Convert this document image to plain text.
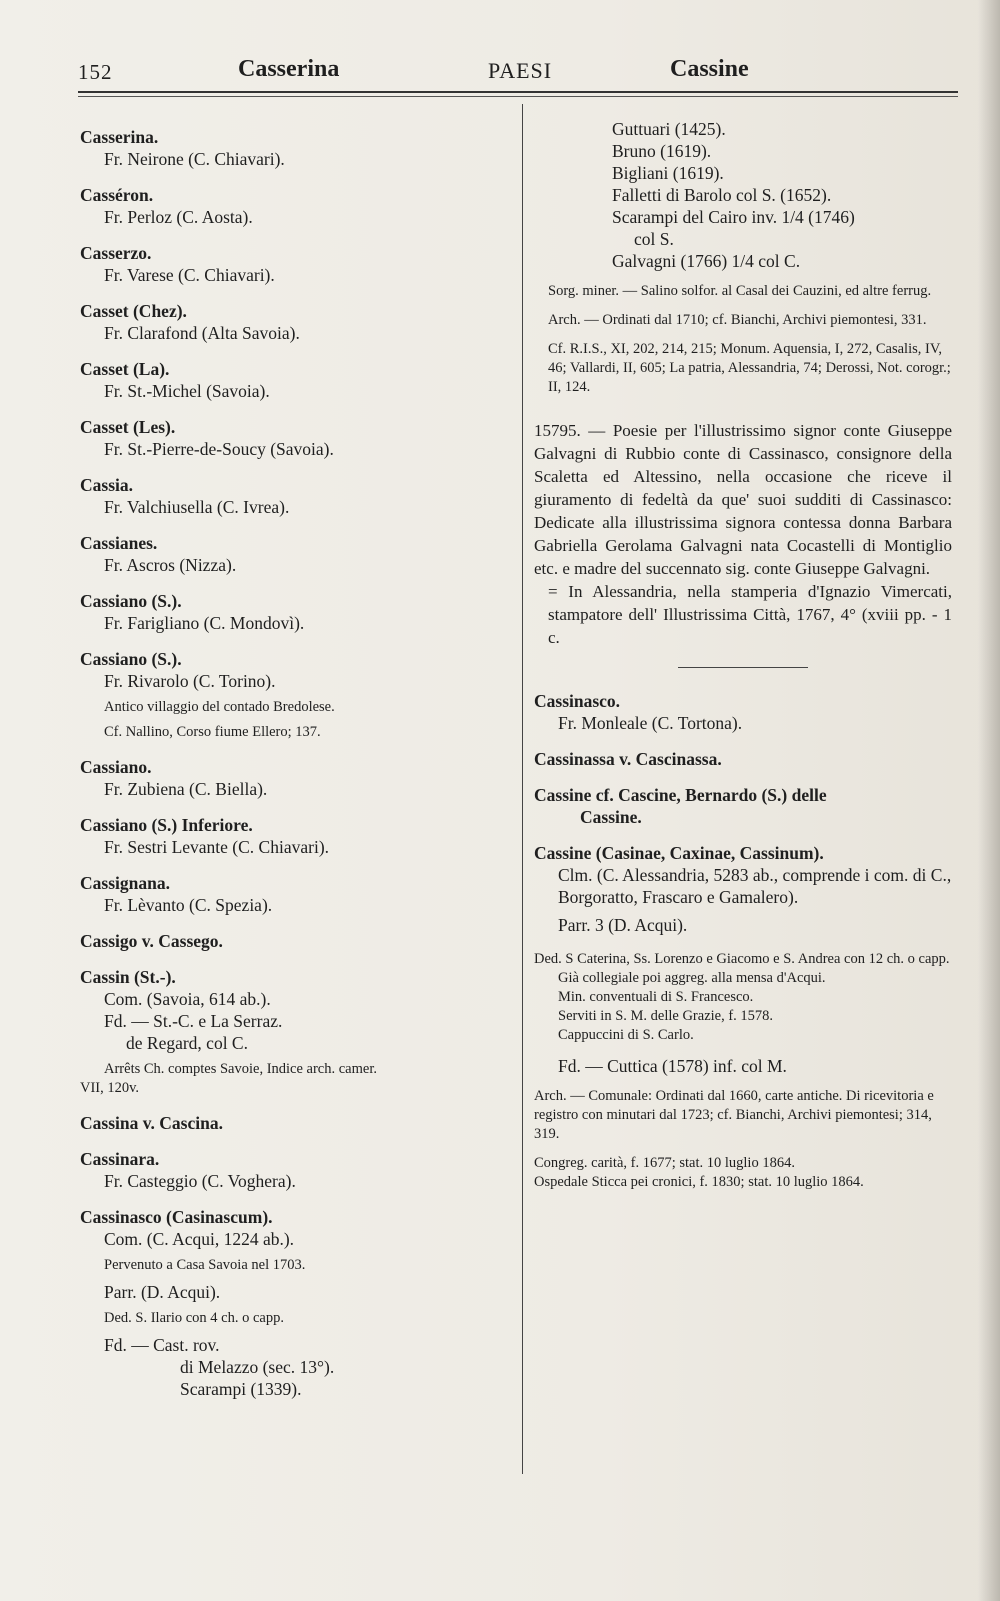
152	Casserina	PAESI	Cassine
Casserina.
Fr. Neirone (C. Chiavari).
Casséron.
Fr. Perloz (C. Aosta).
Casserzo.
Fr. Varese (C. Chiavari).
Casset (Chez).
Fr. Clarafond (Alta Savoia).
Casset (La).
Fr. St.-Michel (Savoia).
Casset (Les).
Fr. St.-Pierre-de-Soucy (Savoia).
Cassia.
Fr. Valchiusella (C. Ivrea).
Cassianes.
Fr. Ascros (Nizza).
Cassiano (S.).
Fr. Farigliano (C. Mondovì).
Cassiano (S.).
Fr. Rivarolo (C. Torino).
Antico villaggio del contado Bredolese.
Cf. Nallino, Corso fiume Ellero; 137.
Cassiano.
Fr. Zubiena (C. Biella).
Cassiano (S.) Inferiore.
Fr. Sestri Levante (C. Chiavari).
Cassignana.
Fr. Lèvanto (C. Spezia).
Cassigo v. Cassego.
Cassin (St.-).
Com. (Savoia, 614 ab.).
Fd. — St.-C. e La Serraz.
de Regard, col C.
Arrêts Ch. comptes Savoie, Indice arch. camer.
VII, 120v.
Cassina v. Cascina.
Cassinara.
Fr. Casteggio (C. Voghera).
Cassinasco (Casinascum).
Com. (C. Acqui, 1224 ab.).
Pervenuto a Casa Savoia nel 1703.
Parr. (D. Acqui).
Ded. S. Ilario con 4 ch. o capp.
Fd. — Cast. rov.
di Melazzo (sec. 13°).
Scarampi (1339).
Guttuari (1425).
Bruno (1619).
Bigliani (1619).
Falletti di Barolo col S. (1652).
Scarampi del Cairo inv. 1/4 (1746)
col S.
Galvagni (1766) 1/4 col C.
Sorg. miner. — Salino solfor. al Casal dei Cauzini, ed altre ferrug.
Arch. — Ordinati dal 1710; cf. Bianchi, Archivi piemontesi, 331.
Cf. R.I.S., XI, 202, 214, 215; Monum. Aquensia, I, 272, Casalis, IV, 46; Vallardi, II, 605; La patria, Alessandria, 74; Derossi, Not. corogr.; II, 124.
15795. — Poesie per l'illustrissimo signor conte Giuseppe Galvagni di Rubbio conte di Cassinasco, consignore della Scaletta ed Altessino, nella occasione che riceve il giuramento di fedeltà da que' suoi sudditi di Cassinasco: Dedicate alla illustrissima signora contessa donna Barbara Gabriella Gerolama Galvagni nata Cocastelli di Montiglio etc. e madre del succennato sig. conte Giuseppe Galvagni.
= In Alessandria, nella stamperia d'Ignazio Vimercati, stampatore dell' Illustrissima Città, 1767, 4° (xviii pp. - 1 c.
Cassinasco.
Fr. Monleale (C. Tortona).
Cassinassa v. Cascinassa.
Cassine cf. Cascine, Bernardo (S.) delle
Cassine.
Cassine (Casinae, Caxinae, Cassinum).
Clm. (C. Alessandria, 5283 ab., comprende i com. di C., Borgoratto, Frascaro e Gamalero).
Parr. 3 (D. Acqui).
Ded. S Caterina, Ss. Lorenzo e Giacomo e S. Andrea con 12 ch. o capp.
Già collegiale poi aggreg. alla mensa d'Acqui.
Min. conventuali di S. Francesco.
Serviti in S. M. delle Grazie, f. 1578.
Cappuccini di S. Carlo.
Fd. — Cuttica (1578) inf. col M.
Arch. — Comunale: Ordinati dal 1660, carte antiche. Di ricevitoria e registro con minutari dal 1723; cf. Bianchi, Archivi piemontesi; 314, 319.
Congreg. carità, f. 1677; stat. 10 luglio 1864.
Ospedale Sticca pei cronici, f. 1830; stat. 10 luglio 1864.
